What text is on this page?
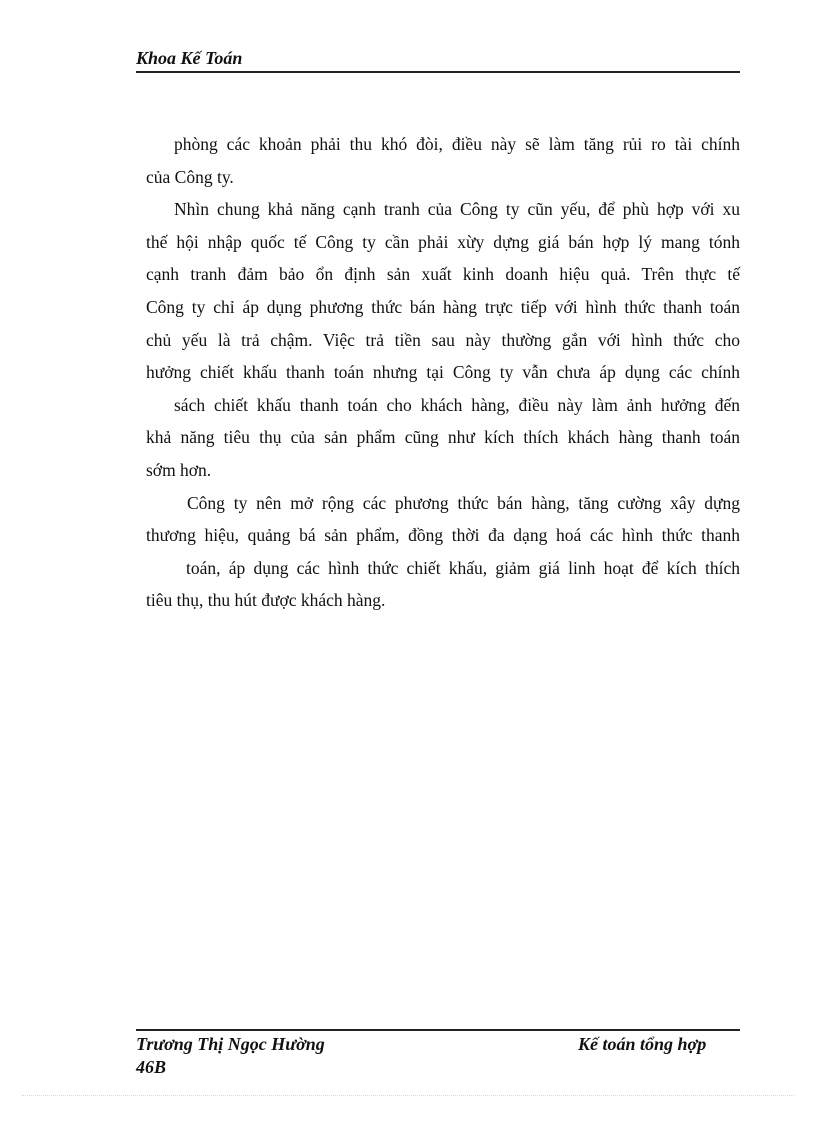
Khoa Kế Toán
phòng các khoản phải thu khó đòi, điều này sẽ làm tăng rủi ro tài chính
của Công ty.
Nhìn chung khả năng cạnh tranh của Công ty cũn yếu, để phù hợp với xu
thế hội nhập quốc tế Công ty cần phải xừy dựng giá bán hợp lý mang tónh
cạnh tranh đảm bảo ổn định sản xuất kinh doanh hiệu quả. Trên thực tế
Công ty chỉ áp dụng phương thức bán hàng trực tiếp với hình thức thanh toán
chủ yếu là trả chậm. Việc trả tiền sau này thường gắn với hình thức cho
hưởng chiết khấu thanh toán nhưng tại Công ty vẫn chưa áp dụng các chính
sách chiết khấu thanh toán cho khách hàng, điều này làm ảnh hưởng đến
khả năng tiêu thụ của sản phẩm cũng như kích thích khách hàng thanh toán
sớm hơn.
Công ty nên mở rộng các phương thức bán hàng, tăng cường xây dựng
thương hiệu, quảng bá sản phẩm, đồng thời đa dạng hoá các hình thức thanh
toán, áp dụng các hình thức chiết khấu, giảm giá linh hoạt để kích thích
tiêu thụ, thu hút được khách hàng.
Trương Thị Ngọc Hường
46B
Kế toán tổng hợp
